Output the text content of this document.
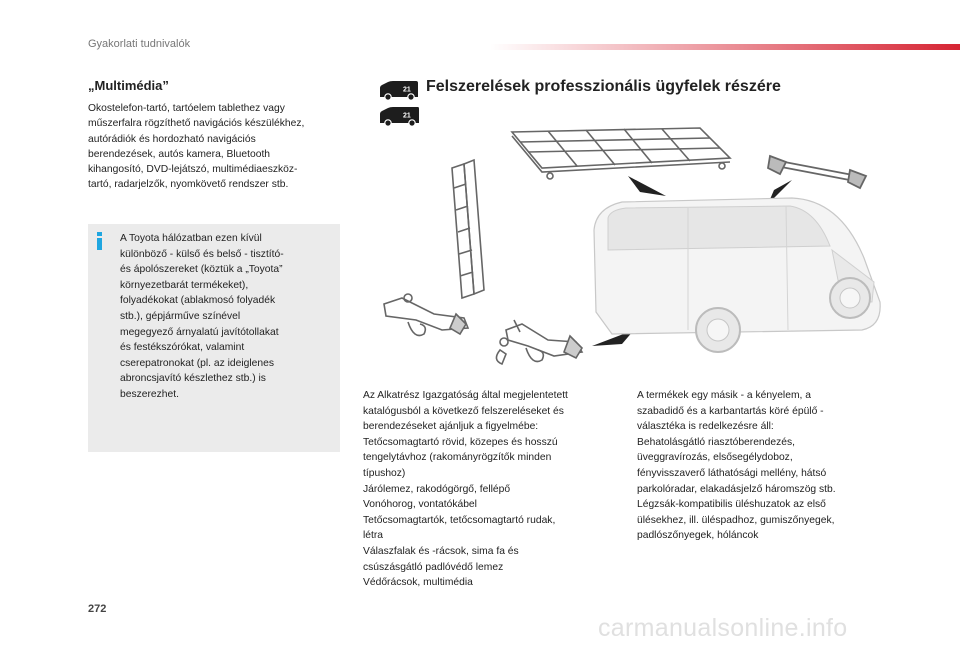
Gyakorlati tudnivalók
„Multimédia”
Okostelefon-tartó, tartóelem tablethez vagy
műszerfalra rögzíthető navigációs készülékhez,
autórádiók és hordozható navigációs
berendezések, autós kamera, Bluetooth
kihangosító, DVD-lejátszó, multimédiaeszköz-
tartó, radarjelzők, nyomkövető rendszer stb.
A Toyota hálózatban ezen kívül
különböző - külső és belső - tisztító-
és ápolószereket (köztük a „Toyota”
környezetbarát termékeket),
folyadékokat (ablakmosó folyadék
stb.), gépjárműve színével
megegyező árnyalatú javítótollakat
és festékszórókat, valamint
cserepatronokat (pl. az ideiglenes
abroncsjavító készlethez stb.) is
beszerezhet.
21
21
Felszerelések professzionális ügyfelek részére
Az Alkatrész Igazgatóság által megjelentetett
katalógusból a következő felszereléseket és
berendezéseket ajánljuk a figyelmébe:
Tetőcsomagtartó rövid, közepes és hosszú
tengelytávhoz (rakományrögzítők minden
típushoz)
Járólemez, rakodógörgő, fellépő
Vonóhorog, vontatókábel
Tetőcsomagtartók, tetőcsomagtartó rudak,
létra
Válaszfalak és -rácsok, sima fa és
csúszásgátló padlóvédő lemez
Védőrácsok, multimédia
A termékek egy másik - a kényelem, a
szabadidő és a karbantartás köré épülő -
választéka is redelkezésre áll:
Behatolásgátló riasztóberendezés,
üveggravírozás, elsősegélydoboz,
fényvisszaverő láthatósági mellény, hátsó
parkolóradar, elakadásjelző háromszög stb.
Légzsák-kompatibilis üléshuzatok az első
ülésekhez, ill. üléspadhoz, gumiszőnyegek,
padlószőnyegek, hóláncok
272
carmanualsonline.info
